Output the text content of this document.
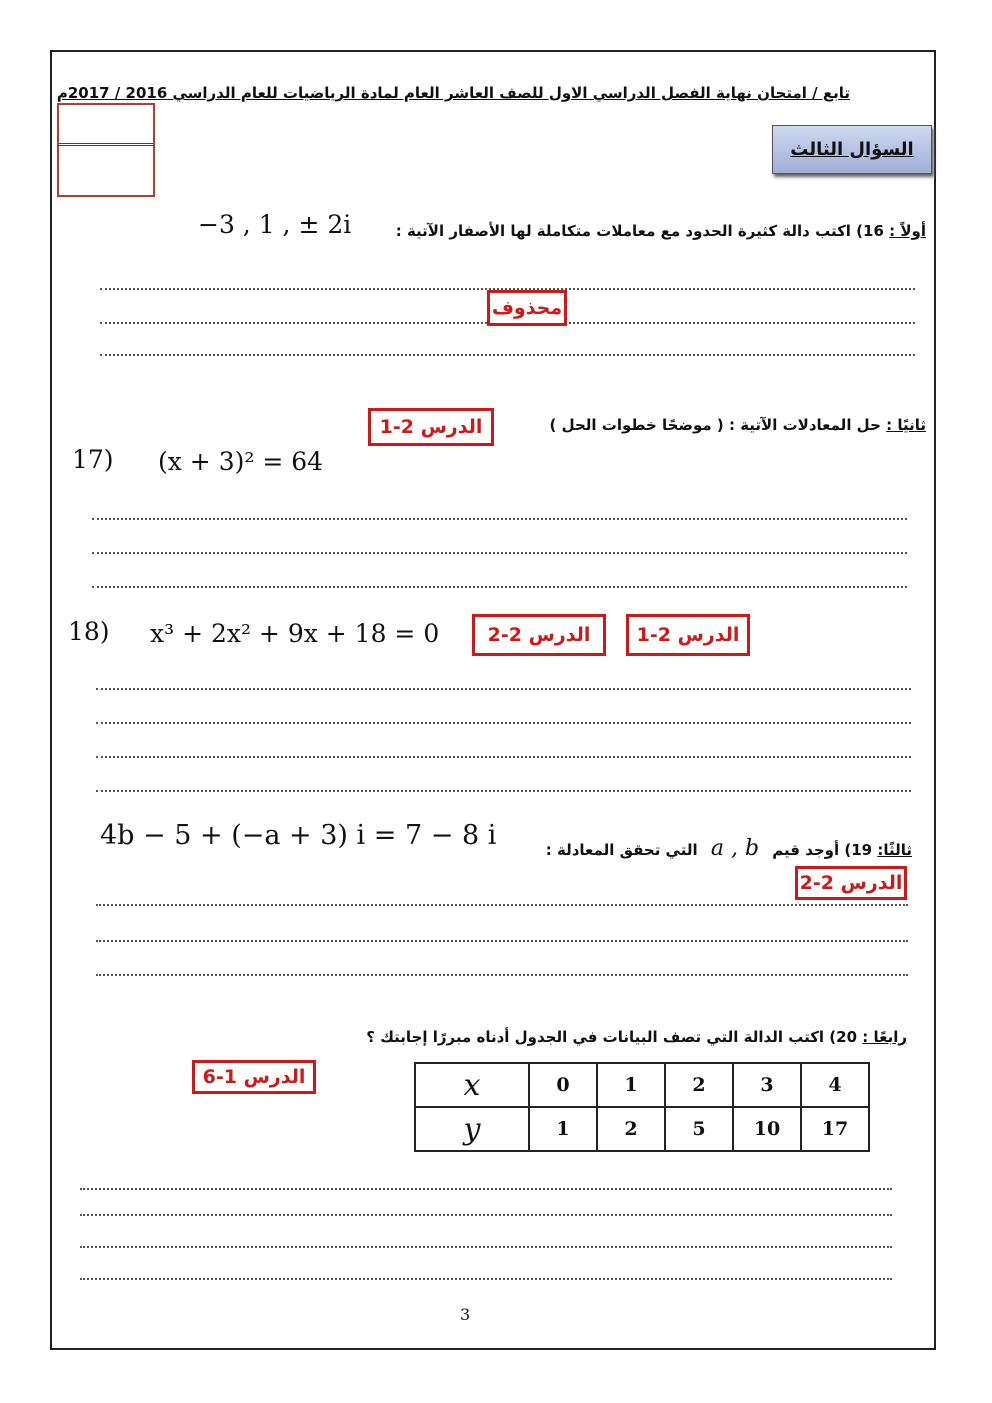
تابع / امتحان نهاية الفصل الدراسي الاول للصف العاشر العام لمادة الرياضيات للعام الدراسي 2016 / 2017م
السؤال الثالث
أولاً : 16) اكتب دالة كثيرة الحدود مع معاملات متكاملة لها الأصفار الآتية :
−3 , 1 , ± 2i
محذوف
ثانيًا : حل المعادلات الآتية : ( موضحًا خطوات الحل )
الدرس 2-1
17) (x + 3)² = 64
18) x³ + 2x² + 9x + 18 = 0	الدرس 2-2	الدرس 2-1
ثالثًا: 19) أوجد قيم a , b التي تحقق المعادلة :
4b − 5 + (−a + 3) i = 7 − 8 i
الدرس 2-2
رابعًا : 20) اكتب الدالة التي تصف البيانات في الجدول أدناه مبررًا إجابتك ؟
الدرس 1-6	x	0	1	2	3	4
y	1	2	5	10	17
3
